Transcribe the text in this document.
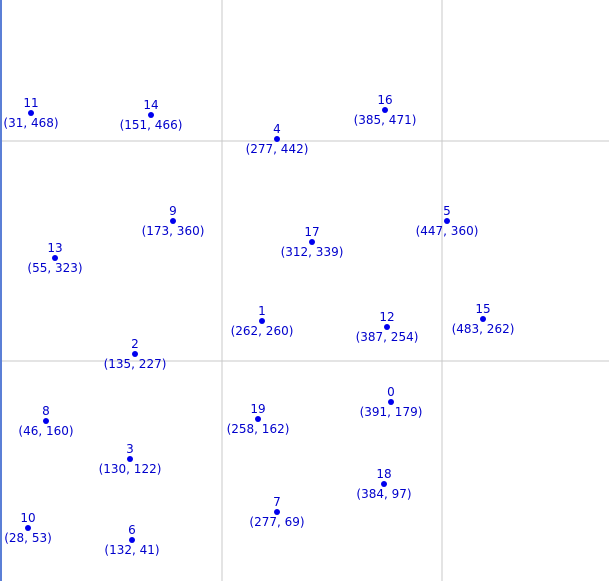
0
(391, 179)
1
(262, 260)
2
(135, 227)
3
(130, 122)
4
(277, 442)
5
(447, 360)
6
(132, 41)
7
(277, 69)
8
(46, 160)
9
(173, 360)
10
(28, 53)
11
(31, 468)
12
(387, 254)
13
(55, 323)
14
(151, 466)
15
(483, 262)
16
(385, 471)
17
(312, 339)
18
(384, 97)
19
(258, 162)
